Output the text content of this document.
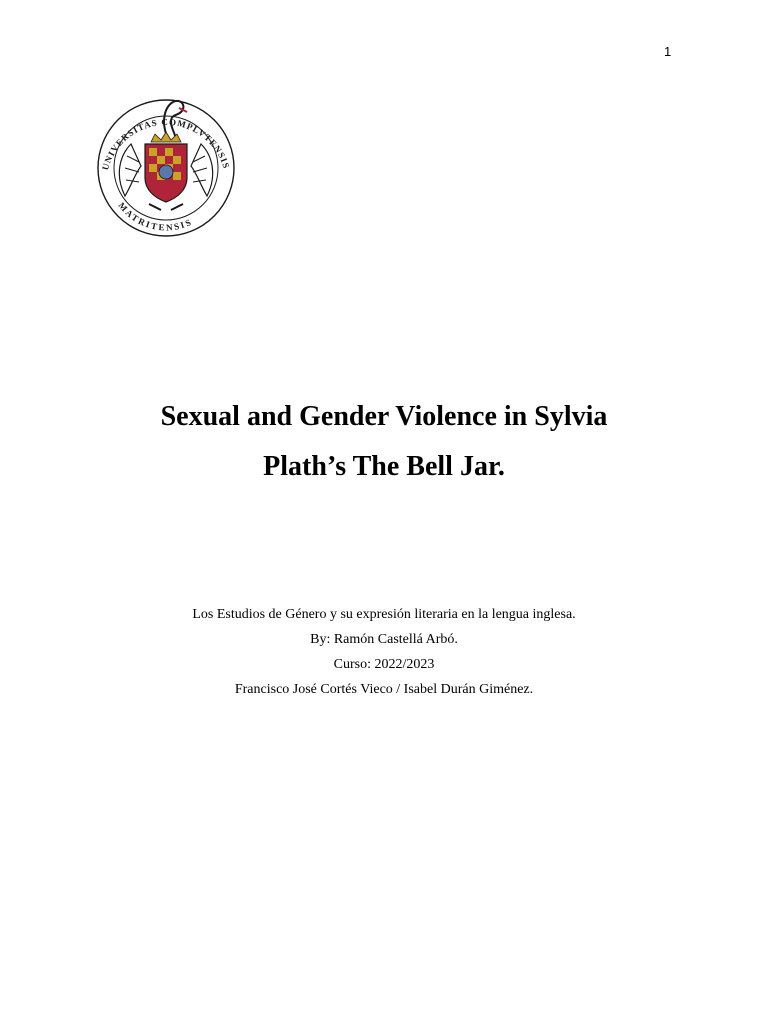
1
UNIVERSITAS COMPLVTENSIS
MATRITENSIS
Sexual and Gender Violence in Sylvia
Plath’s The Bell Jar.
Los Estudios de Género y su expresión literaria en la lengua inglesa.
By: Ramón Castellá Arbó.
Curso: 2022/2023
Francisco José Cortés Vieco / Isabel Durán Giménez.
